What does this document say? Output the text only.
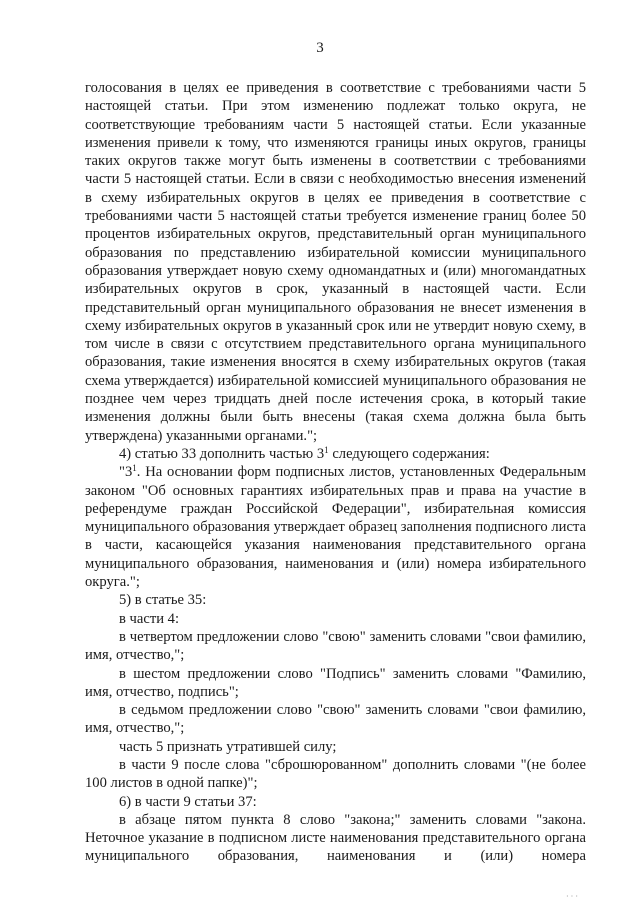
3

голосования в целях ее приведения в соответствие с требованиями части 5 настоящей статьи. При этом изменению подлежат только округа, не соответствующие требованиям части 5 настоящей статьи. Если указанные изменения привели к тому, что изменяются границы иных округов, границы таких округов также могут быть изменены в соответствии с требованиями части 5 настоящей статьи. Если в связи с необходимостью внесения изменений в схему избирательных округов в целях ее приведения в соответствие с требованиями части 5 настоящей статьи требуется изменение границ более 50 процентов избирательных округов, представительный орган муниципального образования по представлению избирательной комиссии муниципального образования утверждает новую схему одномандатных и (или) многомандатных избирательных округов в срок, указанный в настоящей части. Если представительный орган муниципального образования не внесет изменения в схему избирательных округов в указанный срок или не утвердит новую схему, в том числе в связи с отсутствием представительного органа муниципального образования, такие изменения вносятся в схему избирательных округов (такая схема утверждается) избирательной комиссией муниципального образования не позднее чем через тридцать дней после истечения срока, в который такие изменения должны были быть внесены (такая схема должна была быть утверждена) указанными органами.";

4) статью 33 дополнить частью $3^1$ следующего содержания:

"$3^1$. На основании форм подписных листов, установленных Федеральным законом "Об основных гарантиях избирательных прав и права на участие в референдуме граждан Российской Федерации", избирательная комиссия муниципального образования утверждает образец заполнения подписного листа в части, касающейся указания наименования представительного органа муниципального образования, наименования и (или) номера избирательного округа.";

5) в статье 35:

в части 4:

в четвертом предложении слово "свою" заменить словами "свои фамилию, имя, отчество,";

в шестом предложении слово "Подпись" заменить словами "Фамилию, имя, отчество, подпись";

в седьмом предложении слово "свою" заменить словами "свои фамилию, имя, отчество,";

часть 5 признать утратившей силу;

в части 9 после слова "сброшюрованном" дополнить словами "(не более 100 листов в одной папке)";

6) в части 9 статьи 37:

в абзаце пятом пункта 8 слово "закона;" заменить словами "закона. Неточное указание в подписном листе наименования представительного органа муниципального образования, наименования и (или) номера

· · ·
